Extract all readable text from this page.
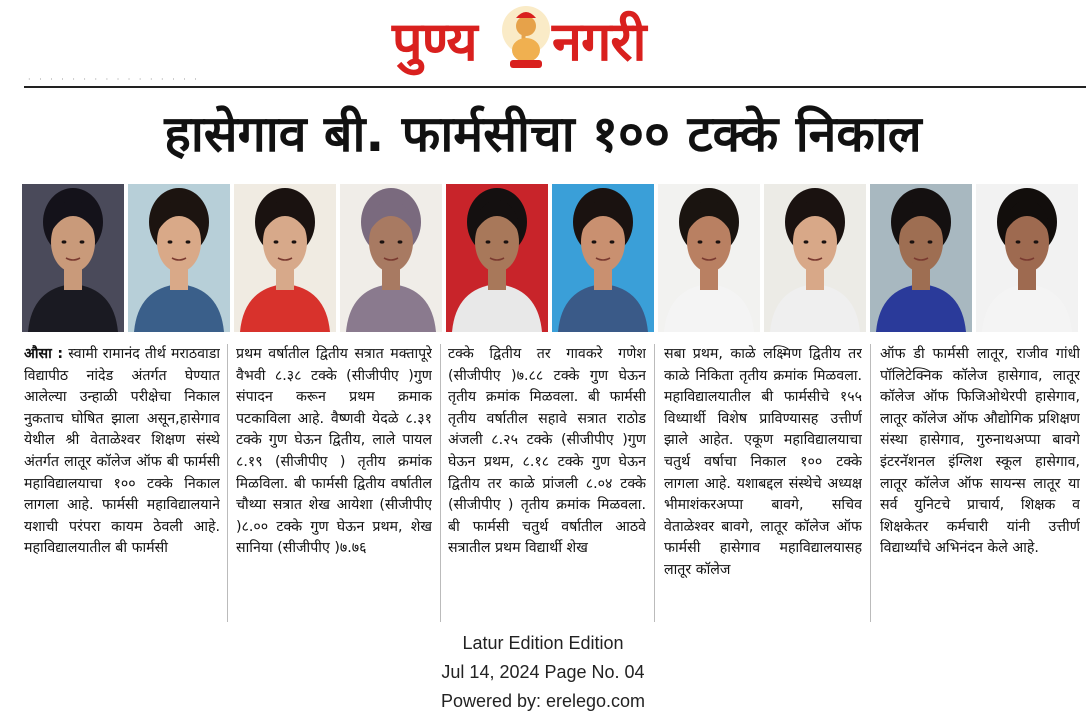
पुण्य नगरी
· · · · · · · · · · · · · · · ·
हासेगाव बी. फार्मसीचा १०० टक्के निकाल

औसा : स्वामी रामानंद तीर्थ मराठवाडा विद्यापीठ नांदेड अंतर्गत घेण्यात आलेल्या उन्हाळी परीक्षेचा निकाल नुकताच घोषित झाला असून,हासेगाव येथील श्री वेताळेश्वर शिक्षण संस्थे अंतर्गत लातूर कॉलेज ऑफ बी फार्मसी महाविद्यालयाचा १०० टक्के निकाल लागला आहे. फार्मसी महाविद्यालयाने यशाची परंपरा कायम ठेवली आहे. महाविद्यालयातील बी फार्मसी

प्रथम वर्षातील द्वितीय सत्रात मक्तापूरे वैभवी ८.३८ टक्के (सीजीपीए )गुण संपादन करून प्रथम क्रमाक पटकाविला आहे. वैष्णवी येदळे ८.३१ टक्के गुण घेऊन द्वितीय, लाले पायल ८.१९ (सीजीपीए ) तृतीय क्रमांक मिळविला. बी फार्मसी द्वितीय वर्षातील चौथ्या सत्रात शेख आयेशा (सीजीपीए )८.०० टक्के गुण घेऊन प्रथम, शेख सानिया (सीजीपीए )७.७६

टक्के द्वितीय तर गावकरे गणेश (सीजीपीए )७.८८ टक्के गुण घेऊन तृतीय क्रमांक मिळवला. बी फार्मसी तृतीय वर्षातील सहावे सत्रात राठोड अंजली ८.२५ टक्के (सीजीपीए )गुण घेऊन प्रथम, ८.१८ टक्के गुण घेऊन द्वितीय तर काळे प्रांजली ८.०४ टक्के (सीजीपीए ) तृतीय क्रमांक मिळवला. बी फार्मसी चतुर्थ वर्षातील आठवे सत्रातील प्रथम विद्यार्थी शेख

सबा प्रथम, काळे लक्ष्मिण द्वितीय तर काळे निकिता तृतीय क्रमांक मिळवला. महाविद्यालयातील बी फार्मसीचे १५५ विध्यार्थी विशेष प्राविण्यासह उत्तीर्ण झाले आहेत. एकूण महाविद्यालयाचा चतुर्थ वर्षाचा निकाल १०० टक्के लागला आहे. यशाबद्दल संस्थेचे अध्यक्ष भीमाशंकरअप्पा बावगे, सचिव वेताळेश्वर बावगे, लातूर कॉलेज ऑफ फार्मसी हासेगाव महाविद्यालयासह लातूर कॉलेज

ऑफ डी फार्मसी लातूर, राजीव गांधी पॉलिटेक्निक कॉलेज हासेगाव, लातूर कॉलेज ऑफ फिजिओथेरपी हासेगाव, लातूर कॉलेज ऑफ औद्योगिक प्रशिक्षण संस्था हासेगाव, गुरुनाथअप्पा बावगे इंटरनॅशनल इंग्लिश स्कूल हासेगाव, लातूर कॉलेज ऑफ सायन्स लातूर या सर्व युनिटचे प्राचार्य, शिक्षक व शिक्षकेतर कर्मचारी यांनी उत्तीर्ण विद्यार्थ्यांचे अभिनंदन केले आहे.

Latur Edition Edition
Jul 14, 2024 Page No. 04
Powered by: erelego.com
